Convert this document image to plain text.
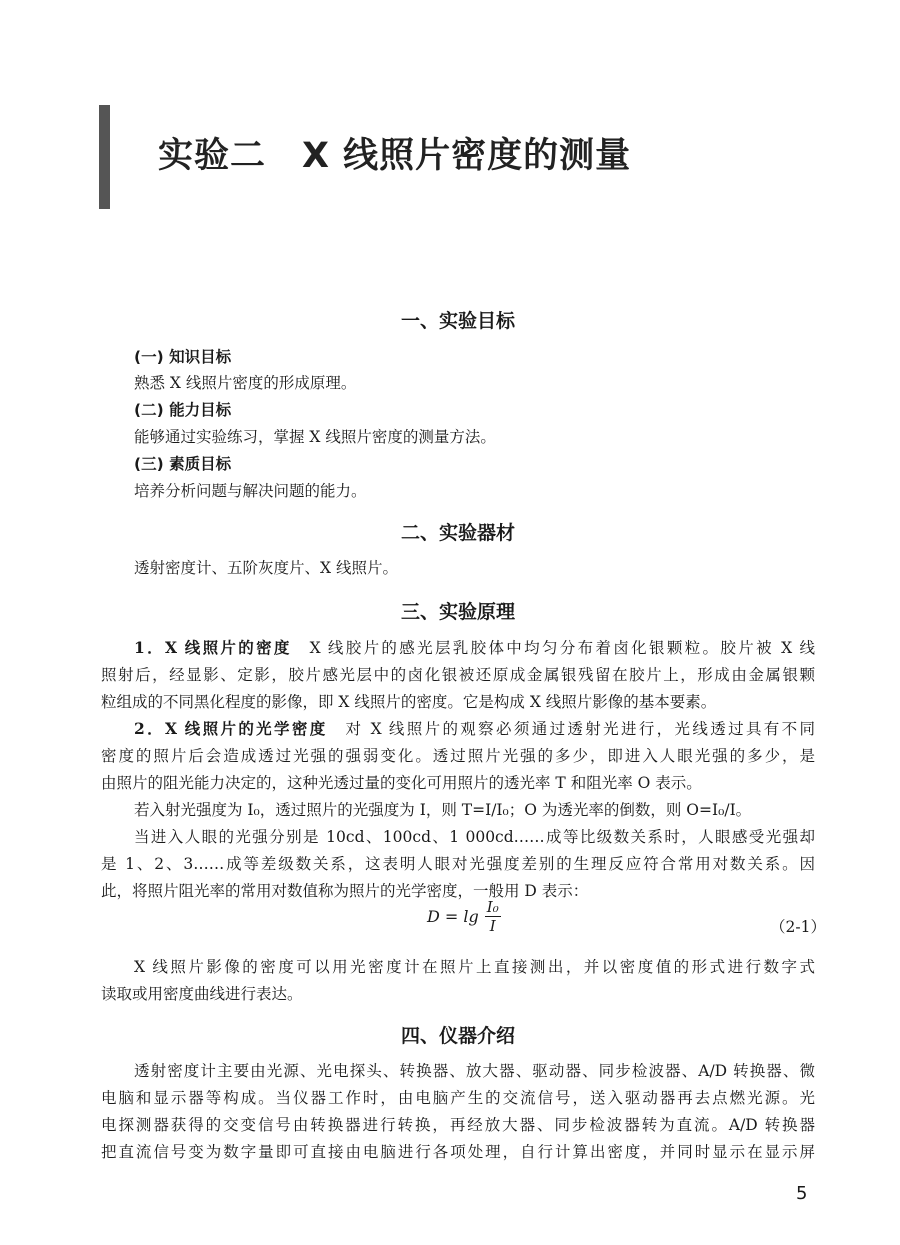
实验二　X 线照片密度的测量
一、实验目标
(一) 知识目标
熟悉 X 线照片密度的形成原理。
(二) 能力目标
能够通过实验练习，掌握 X 线照片密度的测量方法。
(三) 素质目标
培养分析问题与解决问题的能力。
二、实验器材
透射密度计、五阶灰度片、X 线照片。
三、实验原理
1．X 线照片的密度　 X 线胶片的感光层乳胶体中均匀分布着卤化银颗粒。胶片被 X 线
照射后，经显影、定影，胶片感光层中的卤化银被还原成金属银残留在胶片上，形成由金属银颗
粒组成的不同黑化程度的影像，即 X 线照片的密度。它是构成 X 线照片影像的基本要素。
2．X 线照片的光学密度　 对 X 线照片的观察必须通过透射光进行，光线透过具有不同
密度的照片后会造成透过光强的强弱变化。透过照片光强的多少，即进入人眼光强的多少，是
由照片的阻光能力决定的，这种光透过量的变化可用照片的透光率 T 和阻光率 O 表示。
若入射光强度为 I₀，透过照片的光强度为 I，则 T=I/I₀；O 为透光率的倒数，则 O=I₀/I。
当进入人眼的光强分别是 10cd、100cd、1 000cd……成等比级数关系时，人眼感受光强却
是 1、2、3……成等差级数关系，这表明人眼对光强度差别的生理反应符合常用对数关系。因
此，将照片阻光率的常用对数值称为照片的光学密度，一般用 D 表示：
$D = \lg \frac{\text{I₀}}{I}$	（2-1）
X 线照片影像的密度可以用光密度计在照片上直接测出，并以密度值的形式进行数字式
读取或用密度曲线进行表达。
四、仪器介绍
透射密度计主要由光源、光电探头、转换器、放大器、驱动器、同步检波器、A/D 转换器、微
电脑和显示器等构成。当仪器工作时，由电脑产生的交流信号，送入驱动器再去点燃光源。光
电探测器获得的交变信号由转换器进行转换，再经放大器、同步检波器转为直流。A/D 转换器
把直流信号变为数字量即可直接由电脑进行各项处理，自行计算出密度，并同时显示在显示屏
5
